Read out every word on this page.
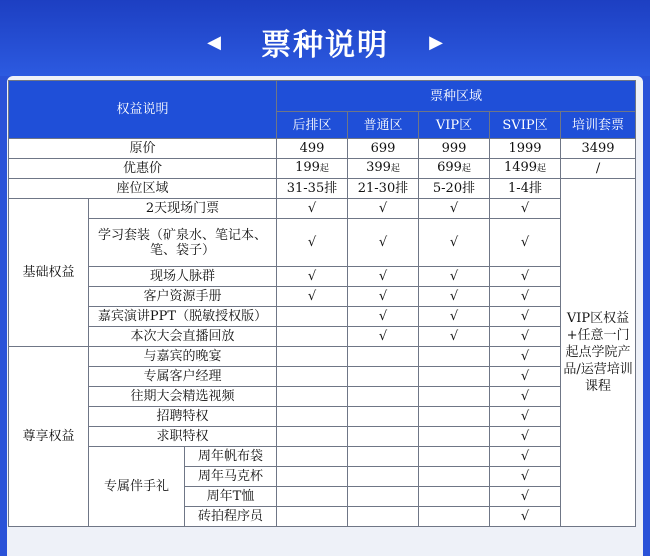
◀ 票种说明 ▶
权益说明			票种区域				
			后排区	普通区	VIP区	SVIP区	培训套票
原价			499	699	999	1999	3499
优惠价			199起	399起	699起	1499起	/
座位区域			31-35排	21-30排	5-20排	1-4排	VIP区权益+任意一门起点学院产品/运营培训课程
基础权益	2天现场门票		√	√	√	√	
	学习套装（矿泉水、笔记本、笔、袋子）		√	√	√	√	
	现场人脉群		√	√	√	√	
	客户资源手册		√	√	√	√	
	嘉宾演讲PPT（脱敏授权版）			√	√	√	
	本次大会直播回放			√	√	√	
尊享权益	与嘉宾的晚宴					√	
	专属客户经理					√	
	往期大会精选视频					√	
	招聘特权					√	
	求职特权					√	
	专属伴手礼	周年帆布袋				√	
		周年马克杯				√	
		周年T恤				√	
		砖拍程序员				√	
